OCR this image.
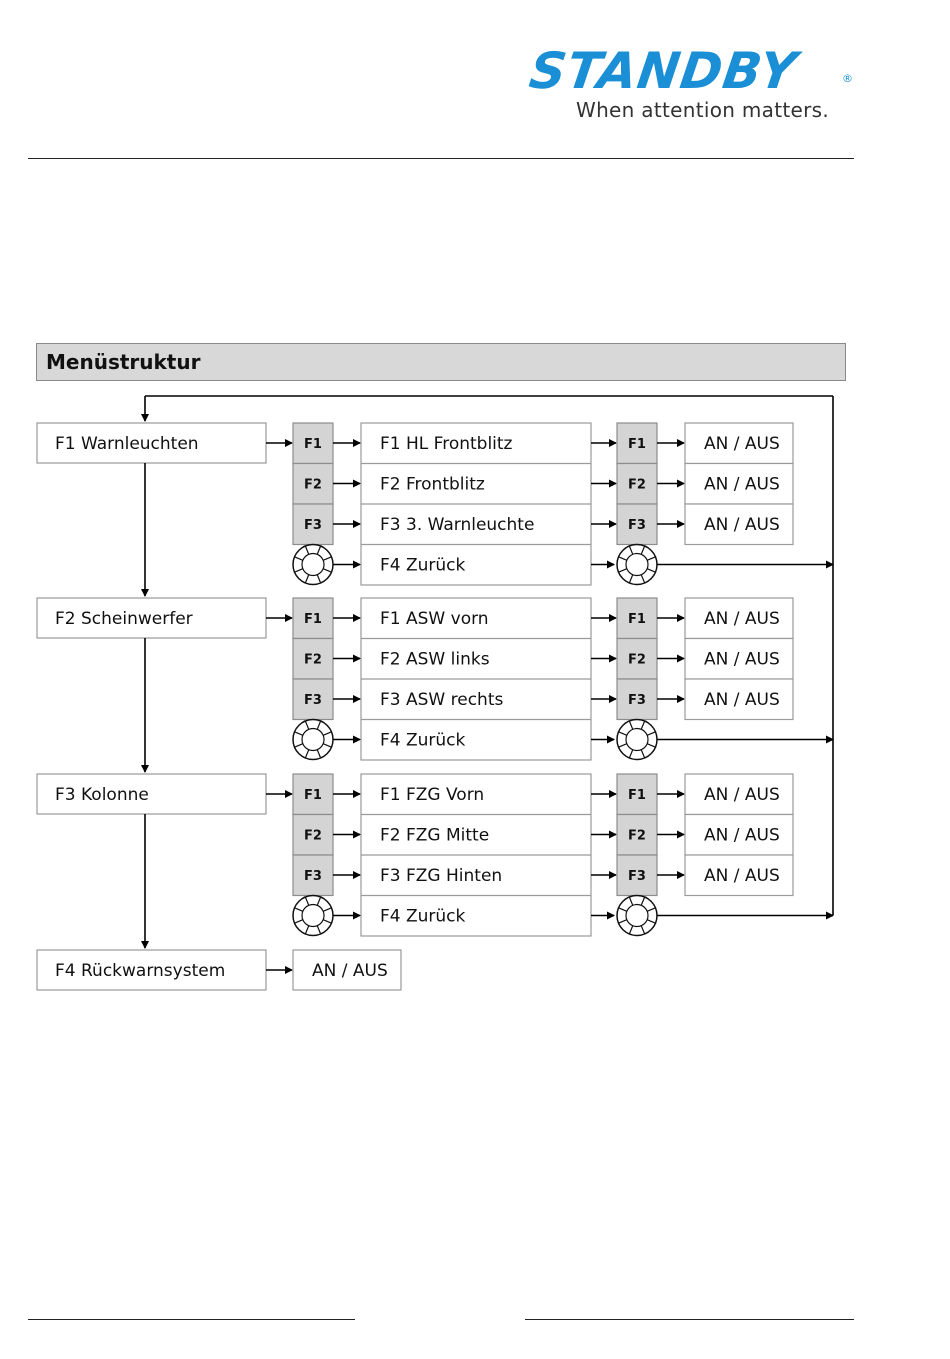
STANDBY	®
When attention matters.
Menüstruktur
F1 Warnleuchten	F1	F1 HL Frontblitz	F1	AN / AUS
F2	F2 Frontblitz	F2	AN / AUS
F3	F3 3. Warnleuchte	F3	AN / AUS
F4 Zurück
F2 Scheinwerfer	F1	F1 ASW vorn	F1	AN / AUS
F2	F2 ASW links	F2	AN / AUS
F3	F3 ASW rechts	F3	AN / AUS
F4 Zurück
F3 Kolonne	F1	F1 FZG Vorn	F1	AN / AUS
F2	F2 FZG Mitte	F2	AN / AUS
F3	F3 FZG Hinten	F3	AN / AUS
F4 Zurück
F4 Rückwarnsystem	AN / AUS
